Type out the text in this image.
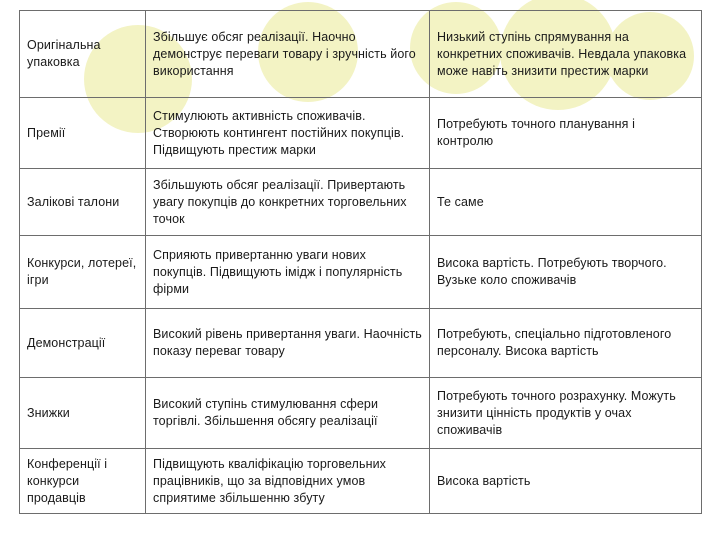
Оригінальна упаковка	Збільшує обсяг реалізації. Наочно демонструє переваги товару і зручність його використання	Низький ступінь спрямування на конкретних споживачів. Невдала упаковка може навіть знизити престиж марки
Премії	Стимулюють активність споживачів. Створюють контингент постійних покупців. Підвищують престиж марки	Потребують точного планування і контролю
Залікові талони	Збільшують обсяг реалізації. Привертають увагу покупців до конкретних торговельних точок	Те саме
Конкурси, лотереї, ігри	Сприяють привертанню уваги нових покупців. Підвищують імідж і популярність фірми	Висока вартість. Потребують творчого. Вузьке коло споживачів
Демонстрації	Високий рівень привертання уваги. Наочність показу переваг товару	Потребують, спеціально підготовленого персоналу. Висока вартість
Знижки	Високий ступінь стимулювання сфери торгівлі. Збільшення обсягу реалізації	Потребують точного розрахунку. Можуть знизити цінність продуктів у очах споживачів
Конференції і конкурси продавців	Підвищують кваліфікацію торговельних працівників, що за відповідних умов сприятиме збільшенню збуту	Висока вартість
